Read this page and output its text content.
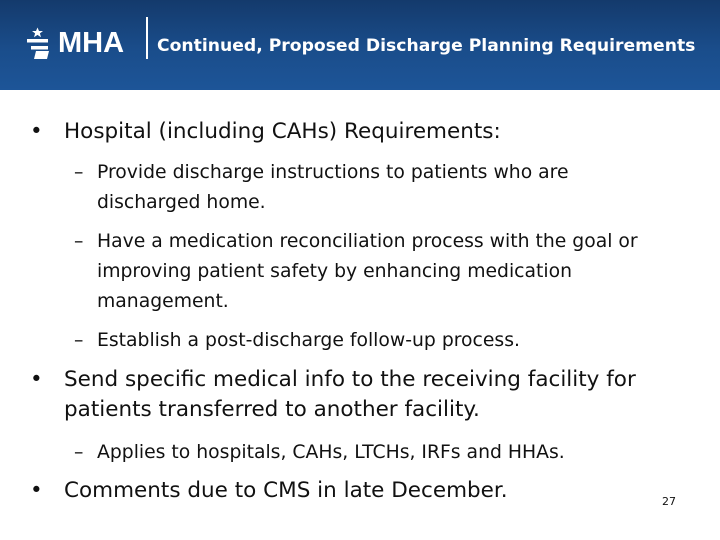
MHA Continued, Proposed Discharge Planning Requirements

• Hospital (including CAHs) Requirements:

– Provide discharge instructions to patients who are discharged home.

– Have a medication reconciliation process with the goal or improving patient safety by enhancing medication management.

– Establish a post-discharge follow-up process.

• Send specific medical info to the receiving facility for patients transferred to another facility.

– Applies to hospitals, CAHs, LTCHs, IRFs and HHAs.

• Comments due to CMS in late December.	27
